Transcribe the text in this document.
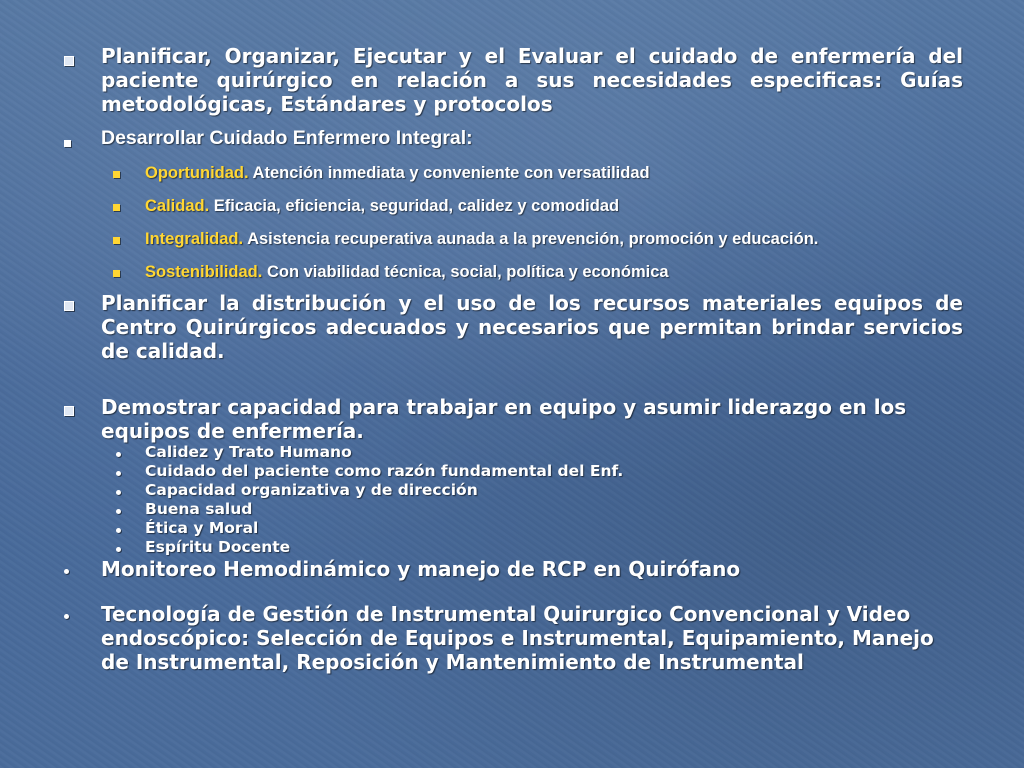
Planificar, Organizar, Ejecutar y el Evaluar el cuidado de enfermería del paciente quirúrgico en relación a sus necesidades especificas: Guías metodológicas, Estándares y protocolos
Desarrollar Cuidado Enfermero Integral:
Oportunidad. Atención inmediata y conveniente con versatilidad
Calidad. Eficacia, eficiencia, seguridad, calidez y comodidad
Integralidad. Asistencia recuperativa aunada a la prevención, promoción y educación.
Sostenibilidad. Con viabilidad técnica, social, política y económica
Planificar la distribución y el uso de los recursos materiales equipos de Centro Quirúrgicos adecuados y necesarios que permitan brindar servicios de calidad.
Demostrar capacidad para trabajar en equipo y asumir liderazgo en los equipos de enfermería.
Calidez y Trato Humano
Cuidado del paciente como razón fundamental del Enf.
Capacidad organizativa y de dirección
Buena salud
Ética y Moral
Espíritu Docente
Monitoreo Hemodinámico y manejo de RCP en Quirófano
Tecnología de Gestión de Instrumental Quirurgico Convencional y Video endoscópico: Selección de Equipos e Instrumental, Equipamiento, Manejo de Instrumental, Reposición y Mantenimiento de Instrumental
